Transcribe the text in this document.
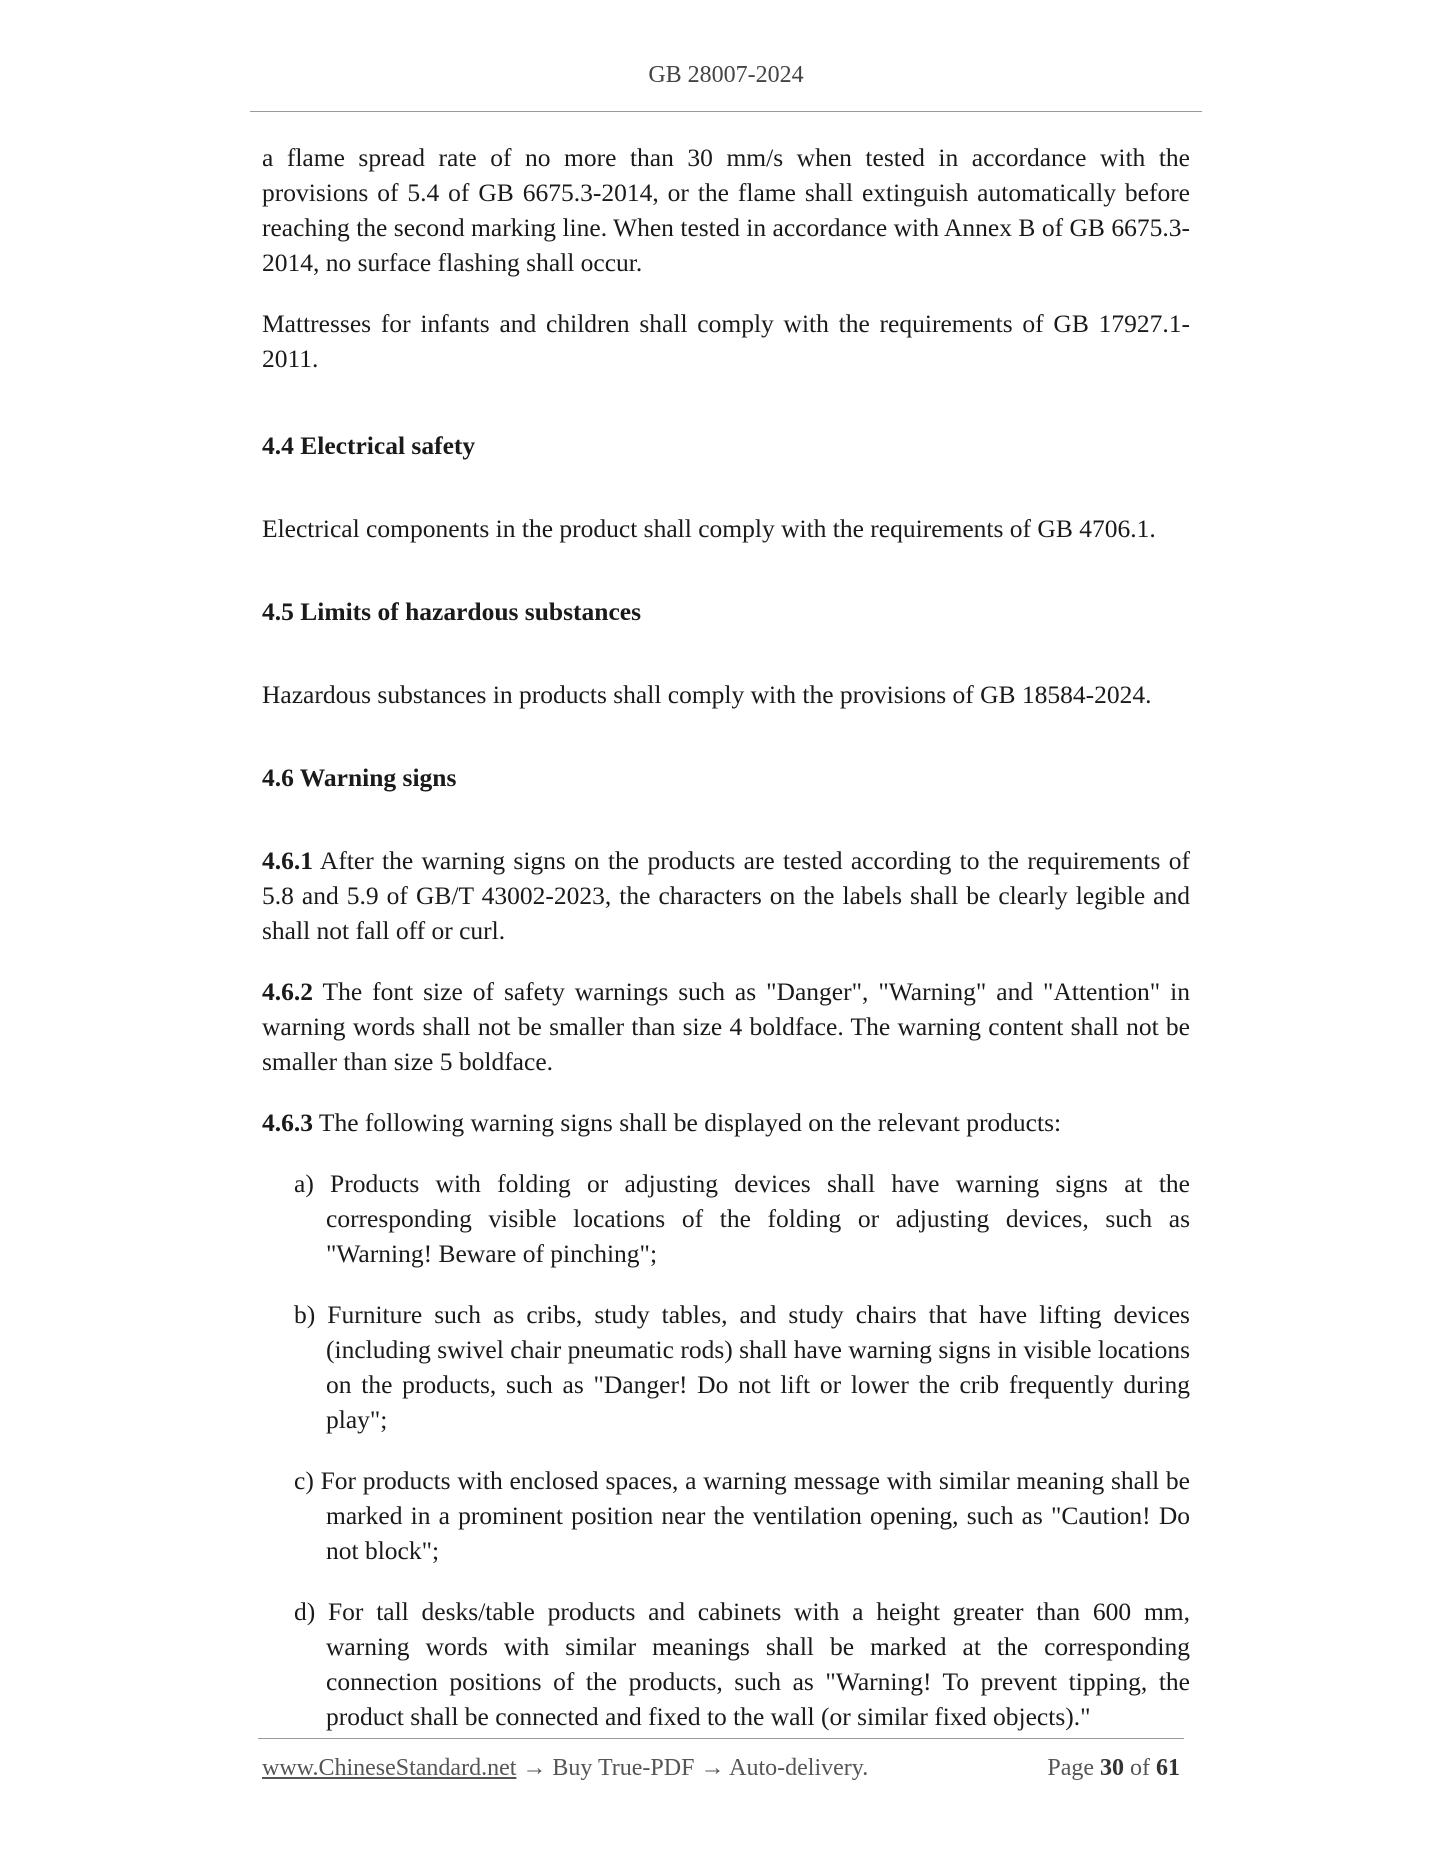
GB 28007-2024

a flame spread rate of no more than 30 mm/s when tested in accordance with the provisions of 5.4 of GB 6675.3-2014, or the flame shall extinguish automatically before reaching the second marking line. When tested in accordance with Annex B of GB 6675.3-2014, no surface flashing shall occur.

Mattresses for infants and children shall comply with the requirements of GB 17927.1-2011.

4.4 Electrical safety

Electrical components in the product shall comply with the requirements of GB 4706.1.

4.5 Limits of hazardous substances

Hazardous substances in products shall comply with the provisions of GB 18584-2024.

4.6 Warning signs

4.6.1 After the warning signs on the products are tested according to the requirements of 5.8 and 5.9 of GB/T 43002-2023, the characters on the labels shall be clearly legible and shall not fall off or curl.

4.6.2 The font size of safety warnings such as "Danger", "Warning" and "Attention" in warning words shall not be smaller than size 4 boldface. The warning content shall not be smaller than size 5 boldface.

4.6.3 The following warning signs shall be displayed on the relevant products:

a) Products with folding or adjusting devices shall have warning signs at the corresponding visible locations of the folding or adjusting devices, such as "Warning! Beware of pinching";
b) Furniture such as cribs, study tables, and study chairs that have lifting devices (including swivel chair pneumatic rods) shall have warning signs in visible locations on the products, such as "Danger! Do not lift or lower the crib frequently during play";
c) For products with enclosed spaces, a warning message with similar meaning shall be marked in a prominent position near the ventilation opening, such as "Caution! Do not block";
d) For tall desks/table products and cabinets with a height greater than 600 mm, warning words with similar meanings shall be marked at the corresponding connection positions of the products, such as "Warning! To prevent tipping, the product shall be connected and fixed to the wall (or similar fixed objects)."
www.ChineseStandard.net → Buy True-PDF → Auto-delivery.	Page 30 of 61
